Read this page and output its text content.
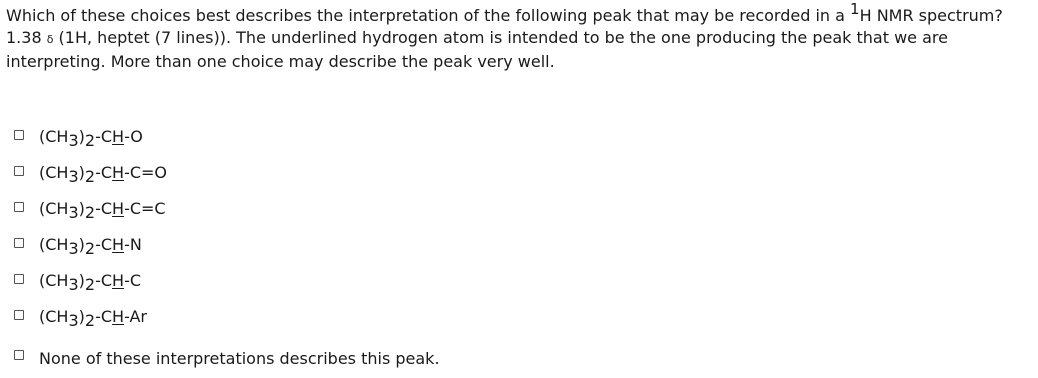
Which of these choices best describes the interpretation of the following peak that may be recorded in a $^1$H NMR spectrum? 1.38 δ (1H, heptet (7 lines)). The underlined hydrogen atom is intended to be the one producing the peak that we are interpreting. More than one choice may describe the peak very well.

(CH3)2-CH-O
(CH3)2-CH-C=O
(CH3)2-CH-C=C
(CH3)2-CH-N
(CH3)2-CH-C
(CH3)2-CH-Ar
None of these interpretations describes this peak.
